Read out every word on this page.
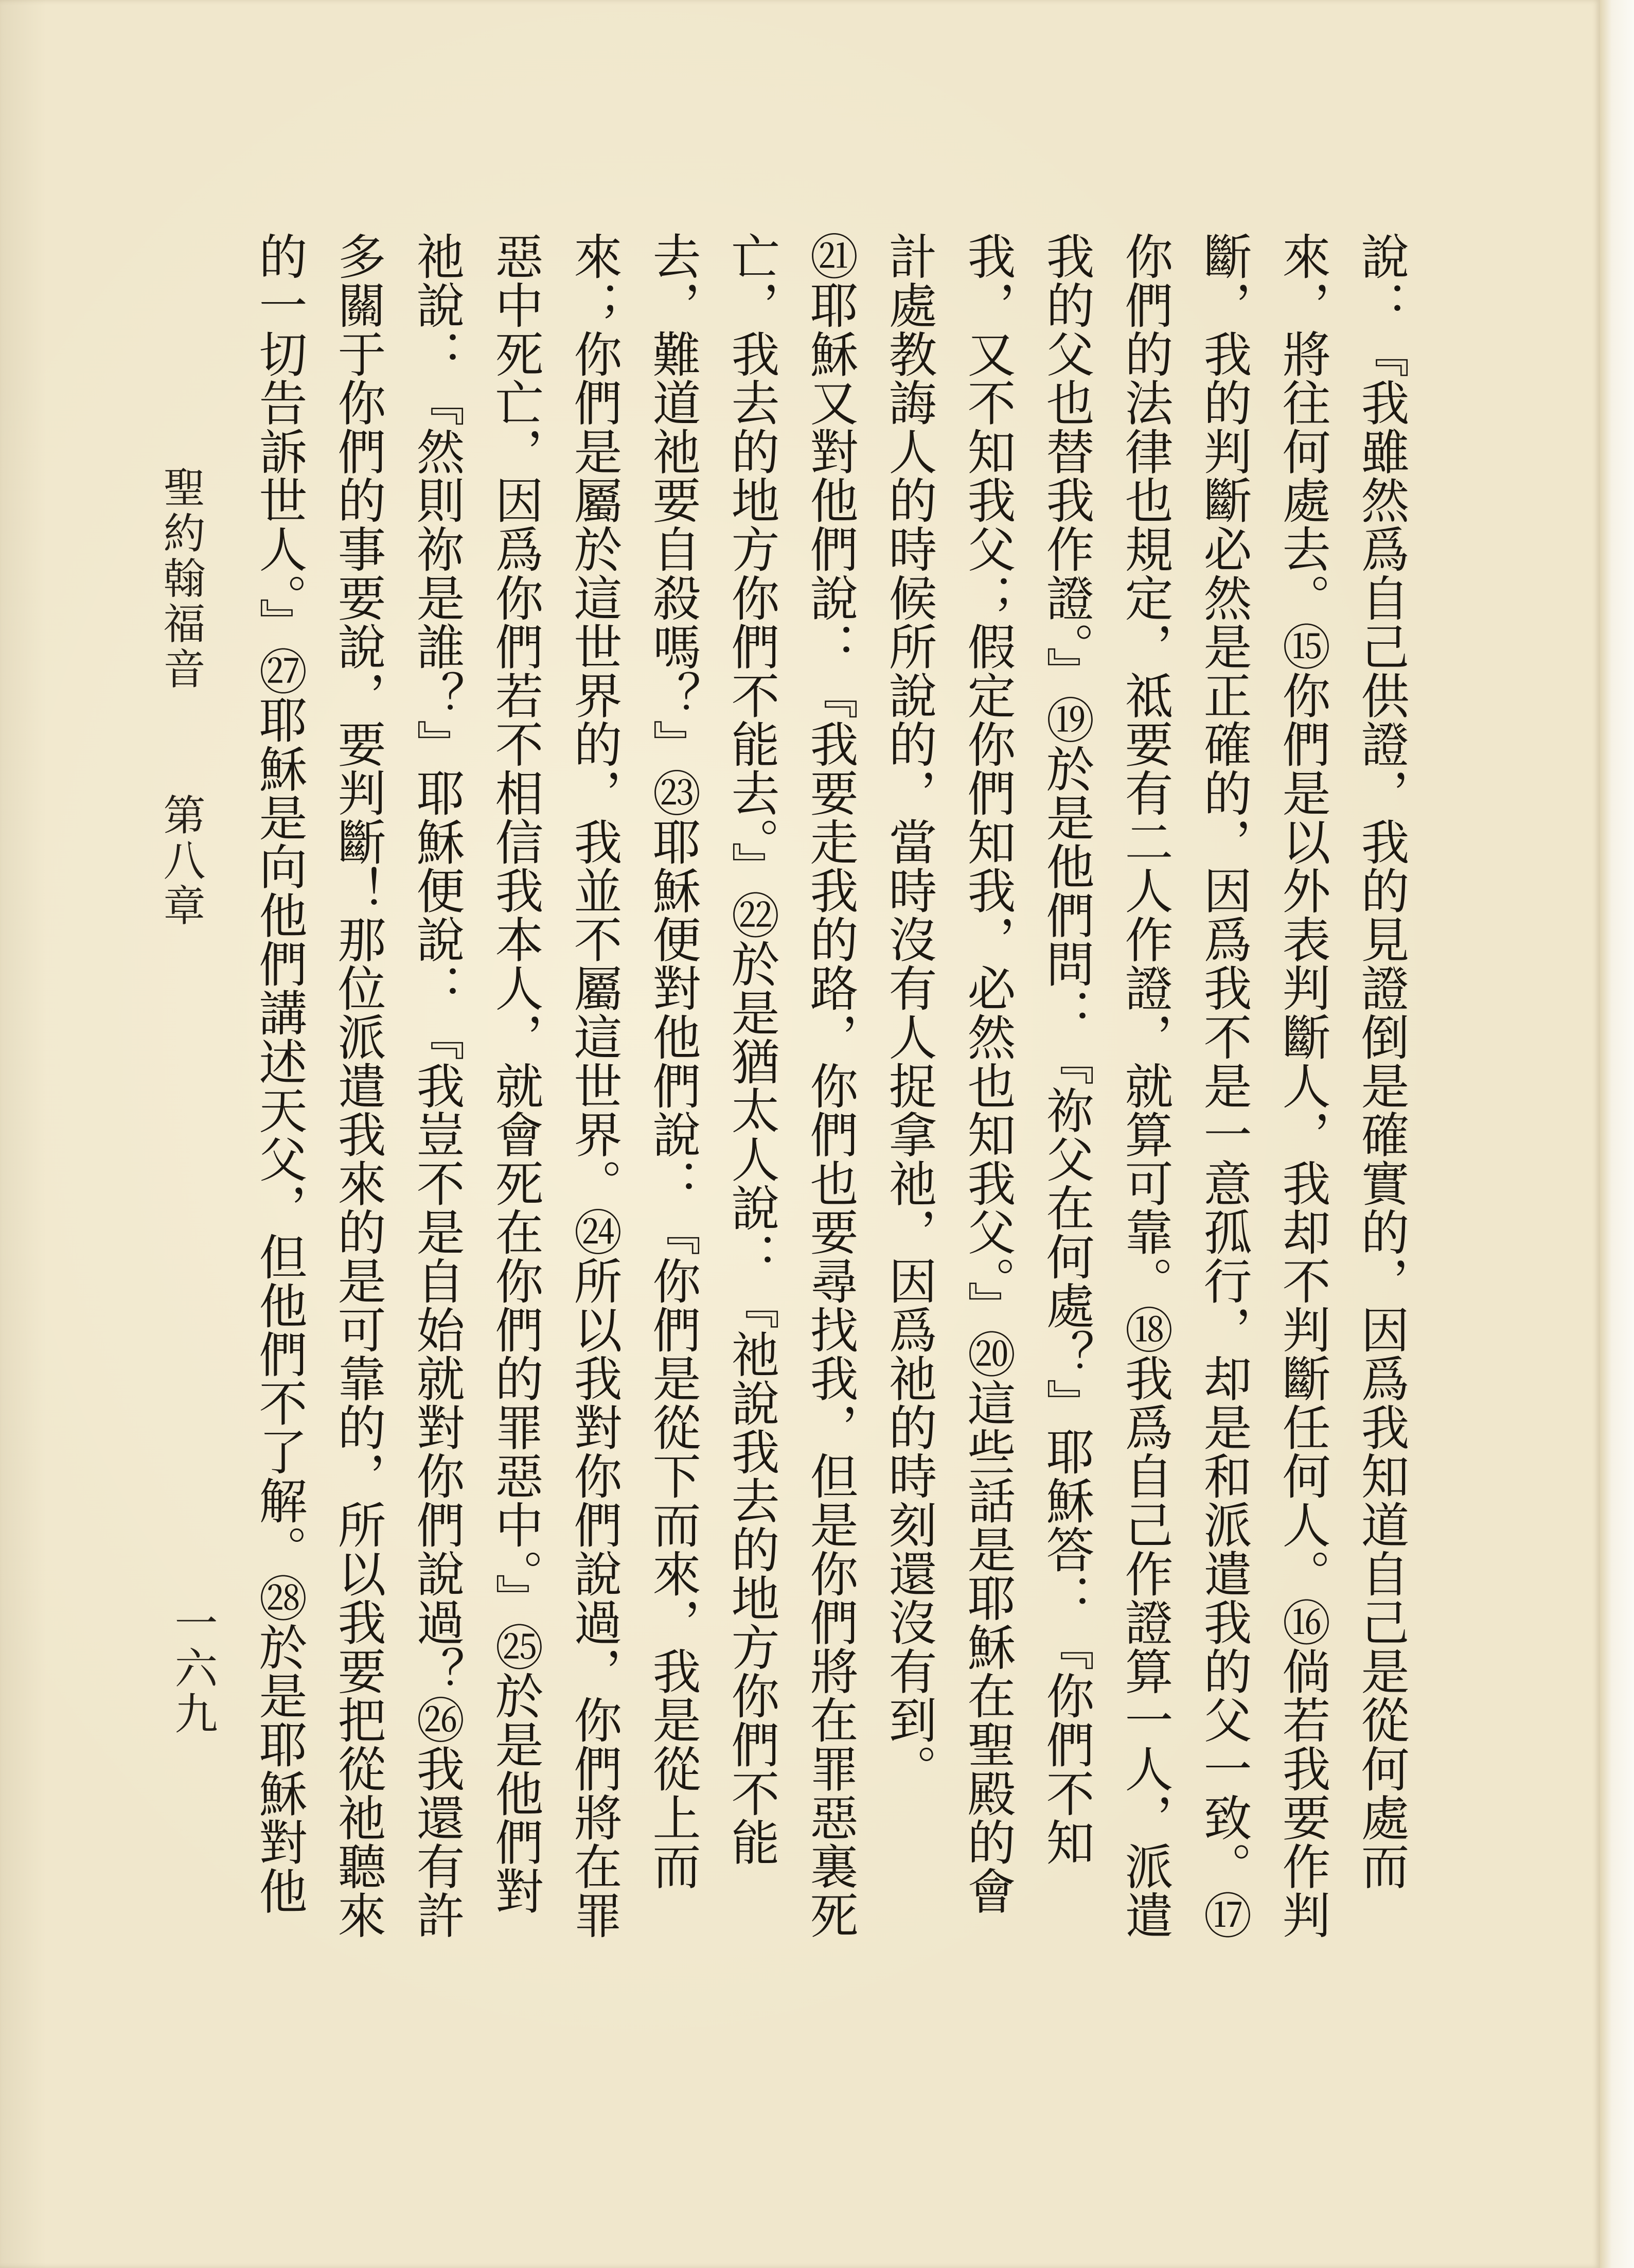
說：『我雖然爲自己供證，我的見證倒是確實的，因爲我知道自己是從何處而來，將往何處去。⑮你們是以外表判斷人，我却不判斷任何人。⑯倘若我要作判斷，我的判斷必然是正確的，因爲我不是一意孤行，却是和派遣我的父一致。⑰你們的法律也規定，祗要有二人作證，就算可靠。⑱我爲自己作證算一人，派遣我的父也替我作證。』⑲於是他們問：『祢父在何處？』耶穌答：『你們不知我，又不知我父；假定你們知我，必然也知我父。』⑳這些話是耶穌在聖殿的會計處教誨人的時候所說的，當時沒有人捉拿祂，因爲祂的時刻還沒有到。

㉑耶穌又對他們說：『我要走我的路，你們也要尋找我，但是你們將在罪惡裏死亡，我去的地方你們不能去。』㉒於是猶太人說：『祂說我去的地方你們不能去，難道祂要自殺嗎？』㉓耶穌便對他們說：『你們是從下而來，我是從上而來；你們是屬於這世界的，我並不屬這世界。㉔所以我對你們說過，你們將在罪惡中死亡，因爲你們若不相信我本人，就會死在你們的罪惡中。』㉕於是他們對祂說：『然則祢是誰？』耶穌便說：『我豈不是自始就對你們說過？㉖我還有許多關于你們的事要說，要判斷！那位派遣我來的是可靠的，所以我要把從祂聽來的一切告訴世人。』㉗耶穌是向他們講述天父，但他們不了解。㉘於是耶穌對他

聖約翰福音 第八章
一六九
